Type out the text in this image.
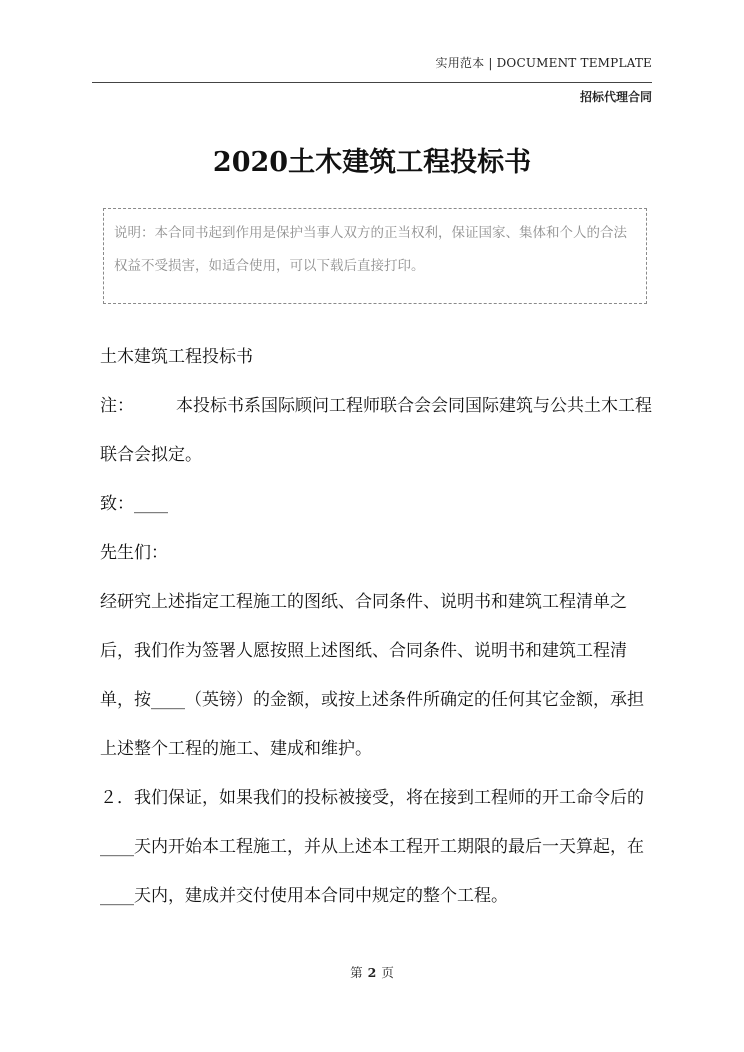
实用范本 | DOCUMENT TEMPLATE
招标代理合同
2020土木建筑工程投标书
说明：本合同书起到作用是保护当事人双方的正当权利，保证国家、集体和个人的合法权益不受损害，如适合使用，可以下载后直接打印。

土木建筑工程投标书

注： 本投标书系国际顾问工程师联合会会同国际建筑与公共土木工程联合会拟定。

致：____

先生们：

经研究上述指定工程施工的图纸、合同条件、说明书和建筑工程清单之后，我们作为签署人愿按照上述图纸、合同条件、说明书和建筑工程清单，按____（英镑）的金额，或按上述条件所确定的任何其它金额，承担上述整个工程的施工、建成和维护。

２．我们保证，如果我们的投标被接受，将在接到工程师的开工命令后的____天内开始本工程施工，并从上述本工程开工期限的最后一天算起，在____天内，建成并交付使用本合同中规定的整个工程。

第 2 页
